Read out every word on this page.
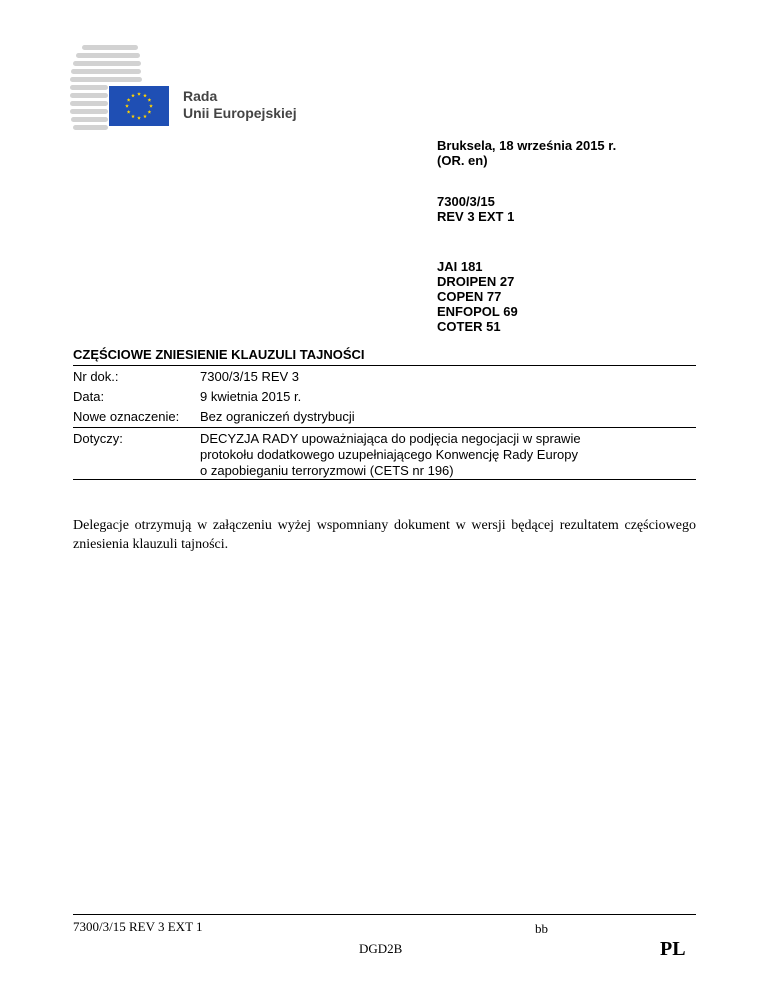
Rada
Unii Europejskiej
Bruksela, 18 września 2015 r.
(OR. en)
7300/3/15
REV 3 EXT 1
JAI 181
DROIPEN 27
COPEN 77
ENFOPOL 69
COTER 51
CZĘŚCIOWE ZNIESIENIE KLAUZULI TAJNOŚCI
Nr dok.:	7300/3/15 REV 3
Data:	9 kwietnia 2015 r.
Nowe oznaczenie: Bez ograniczeń dystrybucji
Dotyczy:	DECYZJA RADY upoważniająca do podjęcia negocjacji w sprawie
protokołu dodatkowego uzupełniającego Konwencję Rady Europy
o zapobieganiu terroryzmowi (CETS nr 196)
Delegacje otrzymują w załączeniu wyżej wspomniany dokument w wersji będącej rezultatem częściowego zniesienia klauzuli tajności.
7300/3/15 REV 3 EXT 1	bb
DGD2B	PL
